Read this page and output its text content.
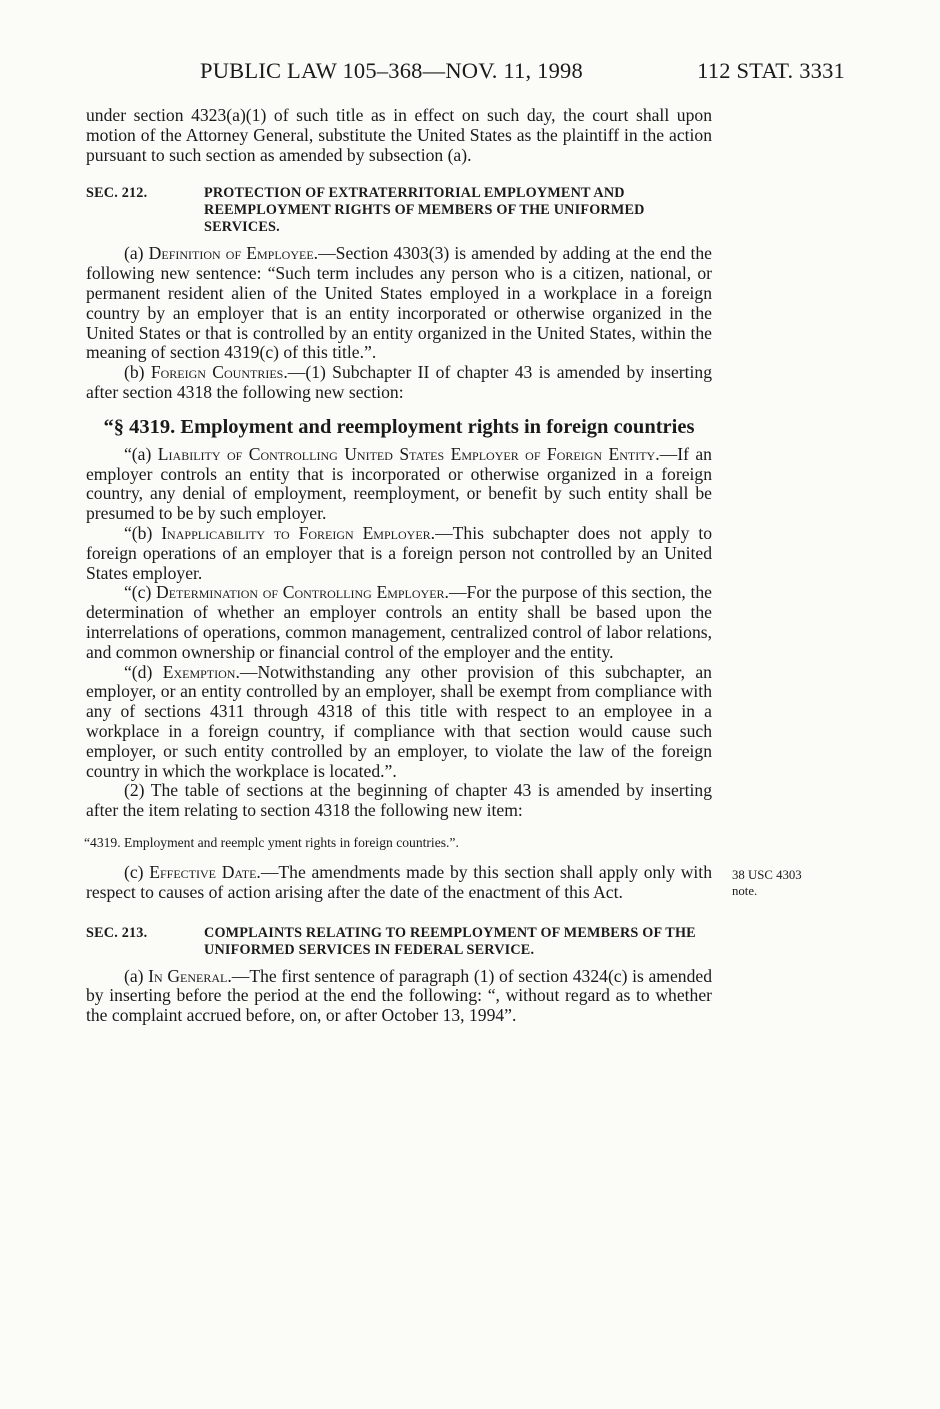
PUBLIC LAW 105–368—NOV. 11, 1998	112 STAT. 3331

under section 4323(a)(1) of such title as in effect on such day, the court shall upon motion of the Attorney General, substitute the United States as the plaintiff in the action pursuant to such section as amended by subsection (a).

SEC. 212.	PROTECTION OF EXTRATERRITORIAL EMPLOYMENT AND REEMPLOYMENT RIGHTS OF MEMBERS OF THE UNIFORMED SERVICES.

(a) Definition of Employee.—Section 4303(3) is amended by adding at the end the following new sentence: “Such term includes any person who is a citizen, national, or permanent resident alien of the United States employed in a workplace in a foreign country by an employer that is an entity incorporated or otherwise organized in the United States or that is controlled by an entity organized in the United States, within the meaning of section 4319(c) of this title.”.

(b) Foreign Countries.—(1) Subchapter II of chapter 43 is amended by inserting after section 4318 the following new section:

“§ 4319. Employment and reemployment rights in foreign countries

“(a) Liability of Controlling United States Employer of Foreign Entity.—If an employer controls an entity that is incorporated or otherwise organized in a foreign country, any denial of employment, reemployment, or benefit by such entity shall be presumed to be by such employer.

“(b) Inapplicability to Foreign Employer.—This subchapter does not apply to foreign operations of an employer that is a foreign person not controlled by an United States employer.

“(c) Determination of Controlling Employer.—For the purpose of this section, the determination of whether an employer controls an entity shall be based upon the interrelations of operations, common management, centralized control of labor relations, and common ownership or financial control of the employer and the entity.

“(d) Exemption.—Notwithstanding any other provision of this subchapter, an employer, or an entity controlled by an employer, shall be exempt from compliance with any of sections 4311 through 4318 of this title with respect to an employee in a workplace in a foreign country, if compliance with that section would cause such employer, or such entity controlled by an employer, to violate the law of the foreign country in which the workplace is located.”.

(2) The table of sections at the beginning of chapter 43 is amended by inserting after the item relating to section 4318 the following new item:

“4319. Employment and reemplc yment rights in foreign countries.”.

(c) Effective Date.—The amendments made by this section shall apply only with respect to causes of action arising after the date of the enactment of this Act.

38 USC 4303
note.
SEC. 213.	COMPLAINTS RELATING TO REEMPLOYMENT OF MEMBERS OF THE UNIFORMED SERVICES IN FEDERAL SERVICE.

(a) In General.—The first sentence of paragraph (1) of section 4324(c) is amended by inserting before the period at the end the following: “, without regard as to whether the complaint accrued before, on, or after October 13, 1994”.
